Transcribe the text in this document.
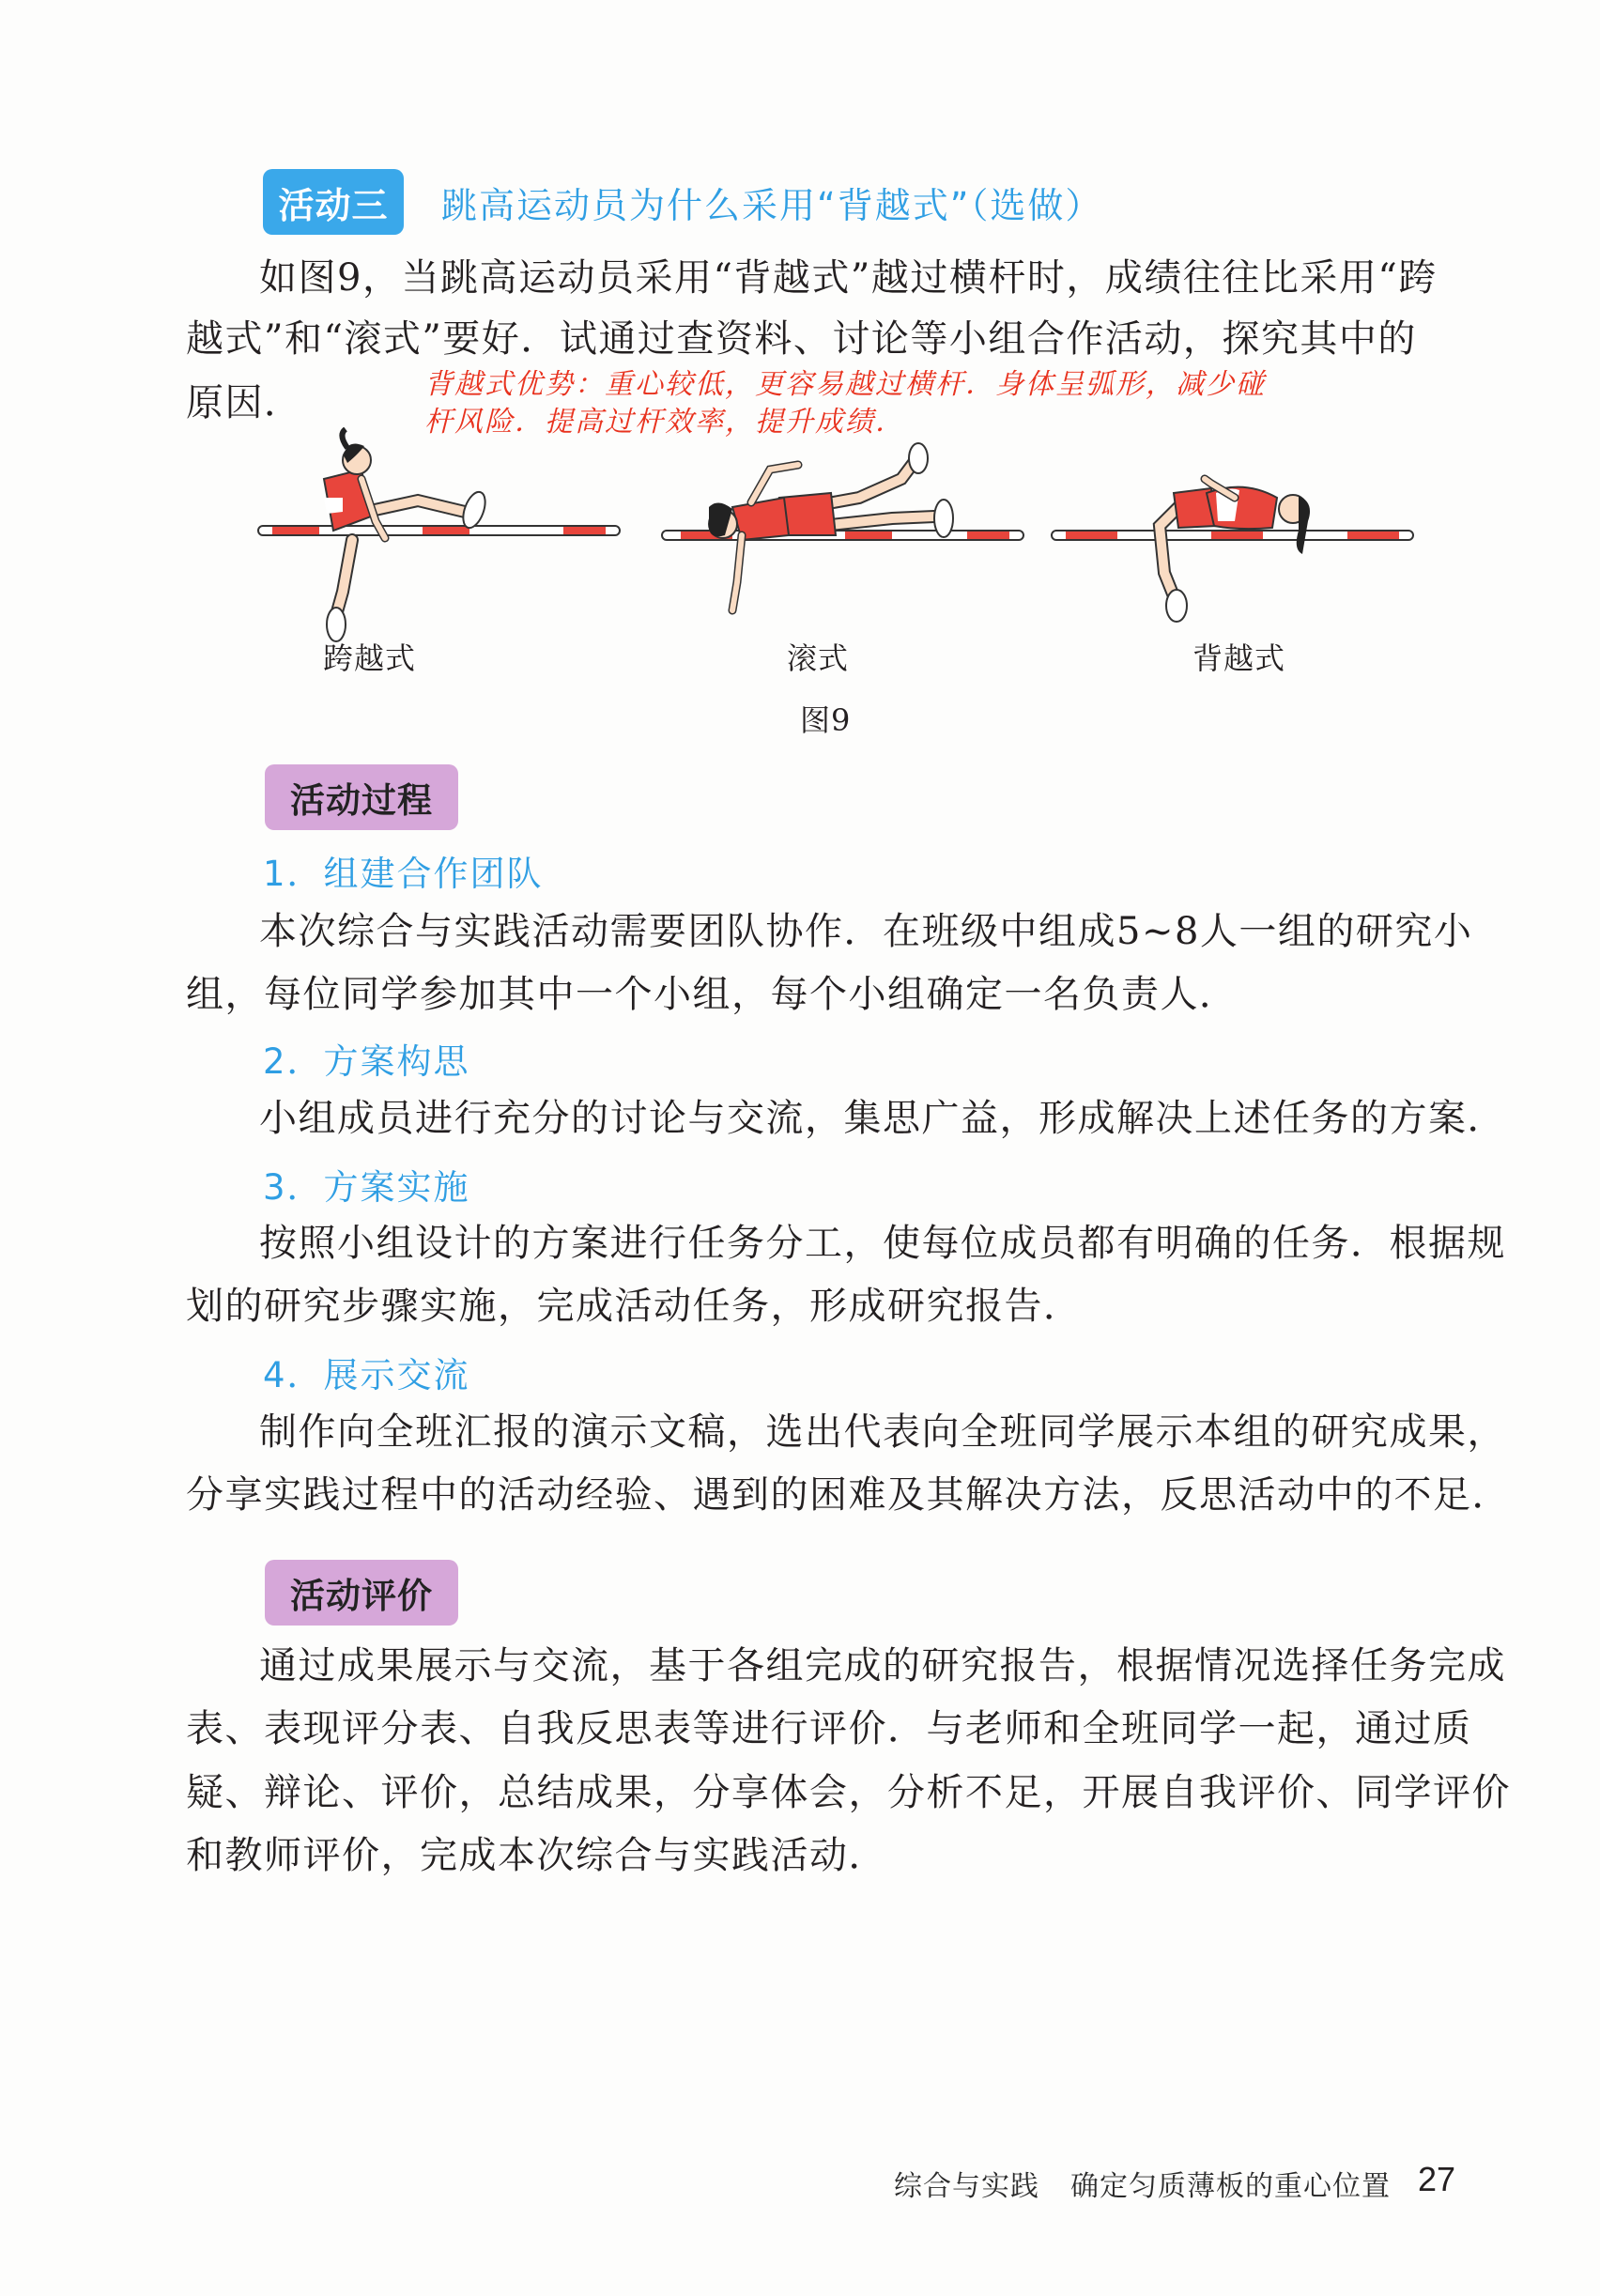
活动三	跳高运动员为什么采用“背越式”（选做）
如图9，当跳高运动员采用“背越式”越过横杆时，成绩往往比采用“跨
越式”和“滚式”要好．试通过查资料、讨论等小组合作活动，探究其中的
原因．	背越式优势：重心较低，更容易越过横杆．身体呈弧形，减少碰
杆风险．提高过杆效率，提升成绩．
跨越式	滚式	背越式
图9
活动过程
1．组建合作团队
本次综合与实践活动需要团队协作．在班级中组成5~8人一组的研究小
组，每位同学参加其中一个小组，每个小组确定一名负责人．
2．方案构思
小组成员进行充分的讨论与交流，集思广益，形成解决上述任务的方案．
3．方案实施
按照小组设计的方案进行任务分工，使每位成员都有明确的任务．根据规
划的研究步骤实施，完成活动任务，形成研究报告．
4．展示交流
制作向全班汇报的演示文稿，选出代表向全班同学展示本组的研究成果，
分享实践过程中的活动经验、遇到的困难及其解决方法，反思活动中的不足．
活动评价
通过成果展示与交流，基于各组完成的研究报告，根据情况选择任务完成
表、表现评分表、自我反思表等进行评价．与老师和全班同学一起，通过质
疑、辩论、评价，总结成果，分享体会，分析不足，开展自我评价、同学评价
和教师评价，完成本次综合与实践活动．
综合与实践 确定匀质薄板的重心位置 27
